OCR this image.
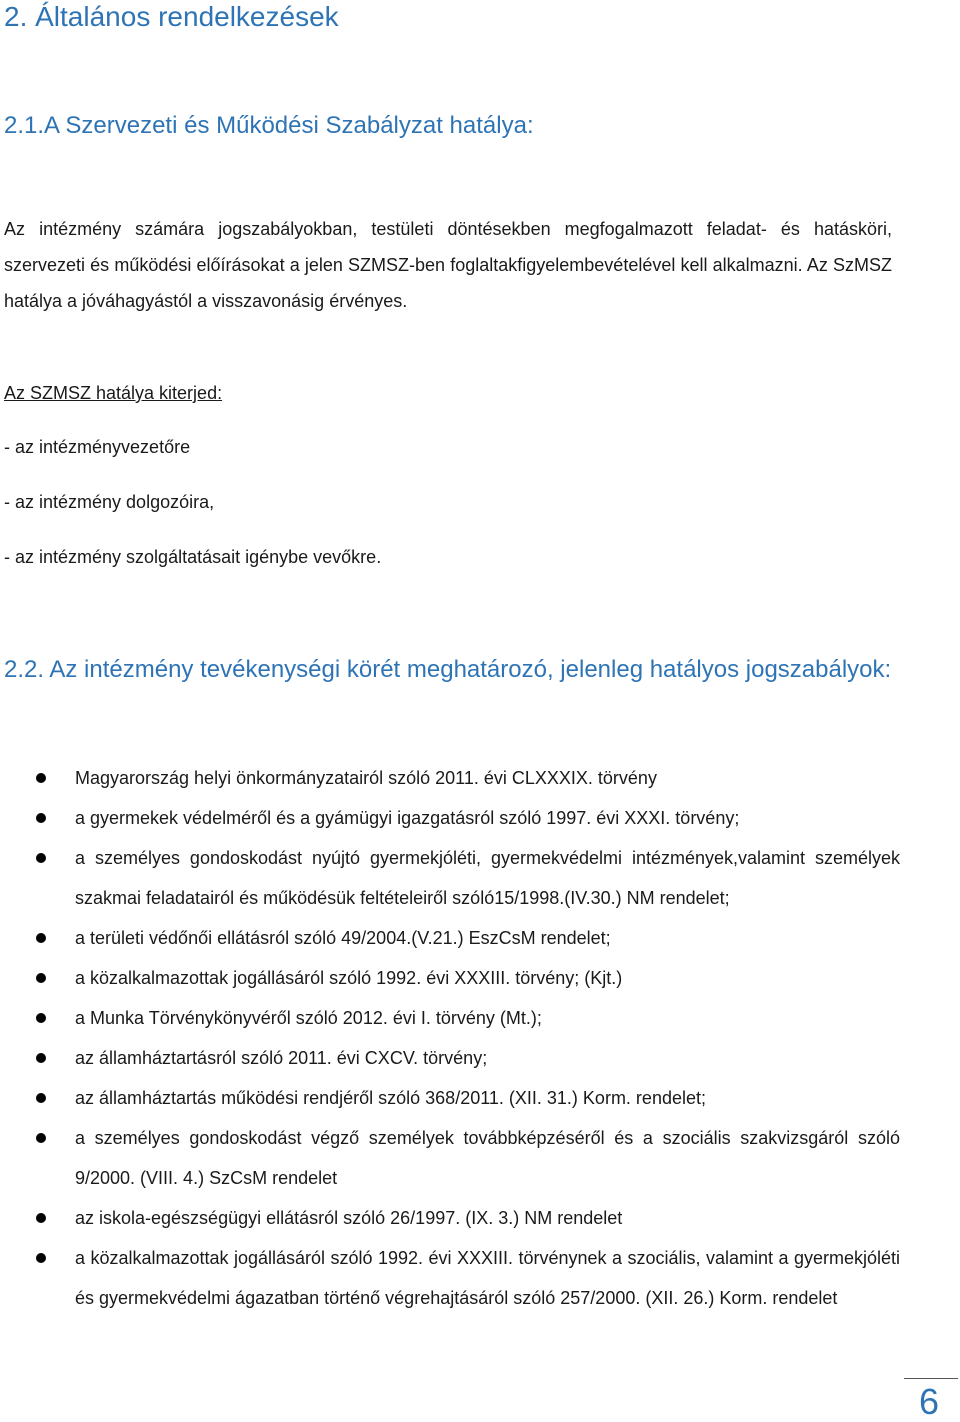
2. Általános rendelkezések
2.1.A Szervezeti és Működési Szabályzat hatálya:

Az intézmény számára jogszabályokban, testületi döntésekben megfogalmazott feladat- és hatásköri, szervezeti és működési előírásokat a jelen SZMSZ-ben foglaltakfigyelembevételével kell alkalmazni. Az SzMSZ hatálya a jóváhagyástól a visszavonásig érvényes.

Az SZMSZ hatálya kiterjed:

- az intézményvezetőre

- az intézmény dolgozóira,

- az intézmény szolgáltatásait igénybe vevőkre.

2.2. Az intézmény tevékenységi körét meghatározó, jelenleg hatályos jogszabályok:
Magyarország helyi önkormányzatairól szóló 2011. évi CLXXXIX. törvény
a gyermekek védelméről és a gyámügyi igazgatásról szóló 1997. évi XXXI. törvény;
a személyes gondoskodást nyújtó gyermekjóléti, gyermekvédelmi intézmények,valamint személyek szakmai feladatairól és működésük feltételeiről szóló15/1998.(IV.30.) NM rendelet;
a területi védőnői ellátásról szóló 49/2004.(V.21.) EszCsM rendelet;
a közalkalmazottak jogállásáról szóló 1992. évi XXXIII. törvény; (Kjt.)
a Munka Törvénykönyvéről szóló 2012. évi I. törvény (Mt.);
az államháztartásról szóló 2011. évi CXCV. törvény;
az államháztartás működési rendjéről szóló 368/2011. (XII. 31.) Korm. rendelet;
a személyes gondoskodást végző személyek továbbképzéséről és a szociális szakvizsgáról szóló 9/2000. (VIII. 4.) SzCsM rendelet
az iskola-egészségügyi ellátásról szóló 26/1997. (IX. 3.) NM rendelet
a közalkalmazottak jogállásáról szóló 1992. évi XXXIII. törvénynek a szociális, valamint a gyermekjóléti és gyermekvédelmi ágazatban történő végrehajtásáról szóló 257/2000. (XII. 26.) Korm. rendelet
6
